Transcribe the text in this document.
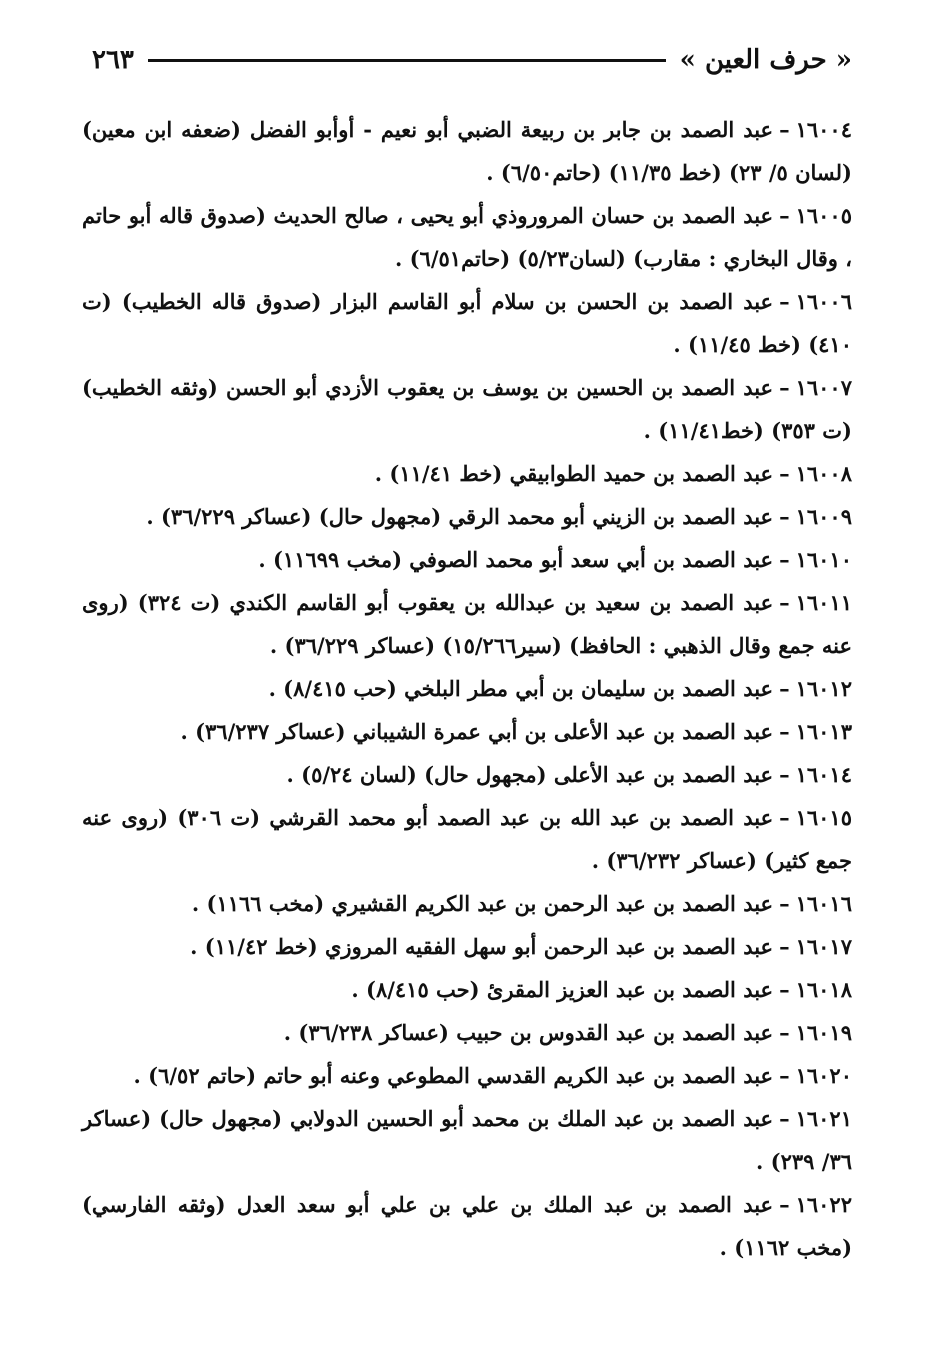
« حرف العين »
٢٦٣
١٦٠٠٤–عبد الصمد بن جابر بن ربيعة الضبي أبو نعيم - أوأبو الفضل (ضعفه ابن معين) (لسان ٥/ ٢٣) (خط ١١/٣٥) (حاتم٦/٥٠) .
١٦٠٠٥–عبد الصمد بن حسان المروروذي أبو يحيى ، صالح الحديث (صدوق قاله أبو حاتم ، وقال البخاري : مقارب) (لسان٥/٢٣) (حاتم٦/٥١) .
١٦٠٠٦–عبد الصمد بن الحسن بن سلام أبو القاسم البزار (صدوق قاله الخطيب) (ت ٤١٠) (خط ١١/٤٥) .
١٦٠٠٧–عبد الصمد بن الحسين بن يوسف بن يعقوب الأزدي أبو الحسن (وثقه الخطيب) (ت ٣٥٣) (خط١١/٤١) .
١٦٠٠٨–عبد الصمد بن حميد الطوابيقي (خط ١١/٤١) .
١٦٠٠٩–عبد الصمد بن الزيني أبو محمد الرقي (مجهول حال) (عساكر ٣٦/٢٢٩) .
١٦٠١٠–عبد الصمد بن أبي سعد أبو محمد الصوفي (مخب ١١٦٩٩) .
١٦٠١١–عبد الصمد بن سعيد بن عبدالله بن يعقوب أبو القاسم الكندي (ت ٣٢٤) (روى عنه جمع وقال الذهبي : الحافظ) (سير١٥/٢٦٦) (عساكر ٣٦/٢٢٩) .
١٦٠١٢–عبد الصمد بن سليمان بن أبي مطر البلخي (حب ٨/٤١٥) .
١٦٠١٣–عبد الصمد بن عبد الأعلى بن أبي عمرة الشيباني (عساكر ٣٦/٢٣٧) .
١٦٠١٤–عبد الصمد بن عبد الأعلى (مجهول حال) (لسان ٥/٢٤) .
١٦٠١٥–عبد الصمد بن عبد الله بن عبد الصمد أبو محمد القرشي (ت ٣٠٦) (روى عنه جمع كثير) (عساكر ٣٦/٢٣٢) .
١٦٠١٦–عبد الصمد بن عبد الرحمن بن عبد الكريم القشيري (مخب ١١٦٦) .
١٦٠١٧–عبد الصمد بن عبد الرحمن أبو سهل الفقيه المروزي (خط ١١/٤٢) .
١٦٠١٨–عبد الصمد بن عبد العزيز المقرئ (حب ٨/٤١٥) .
١٦٠١٩–عبد الصمد بن عبد القدوس بن حبيب (عساكر ٣٦/٢٣٨) .
١٦٠٢٠–عبد الصمد بن عبد الكريم القدسي المطوعي وعنه أبو حاتم (حاتم ٦/٥٢) .
١٦٠٢١–عبد الصمد بن عبد الملك بن محمد أبو الحسين الدولابي (مجهول حال) (عساكر ٣٦/ ٢٣٩) .
١٦٠٢٢–عبد الصمد بن عبد الملك بن علي بن علي أبو سعد العدل (وثقه الفارسي) (مخب ١١٦٢) .
